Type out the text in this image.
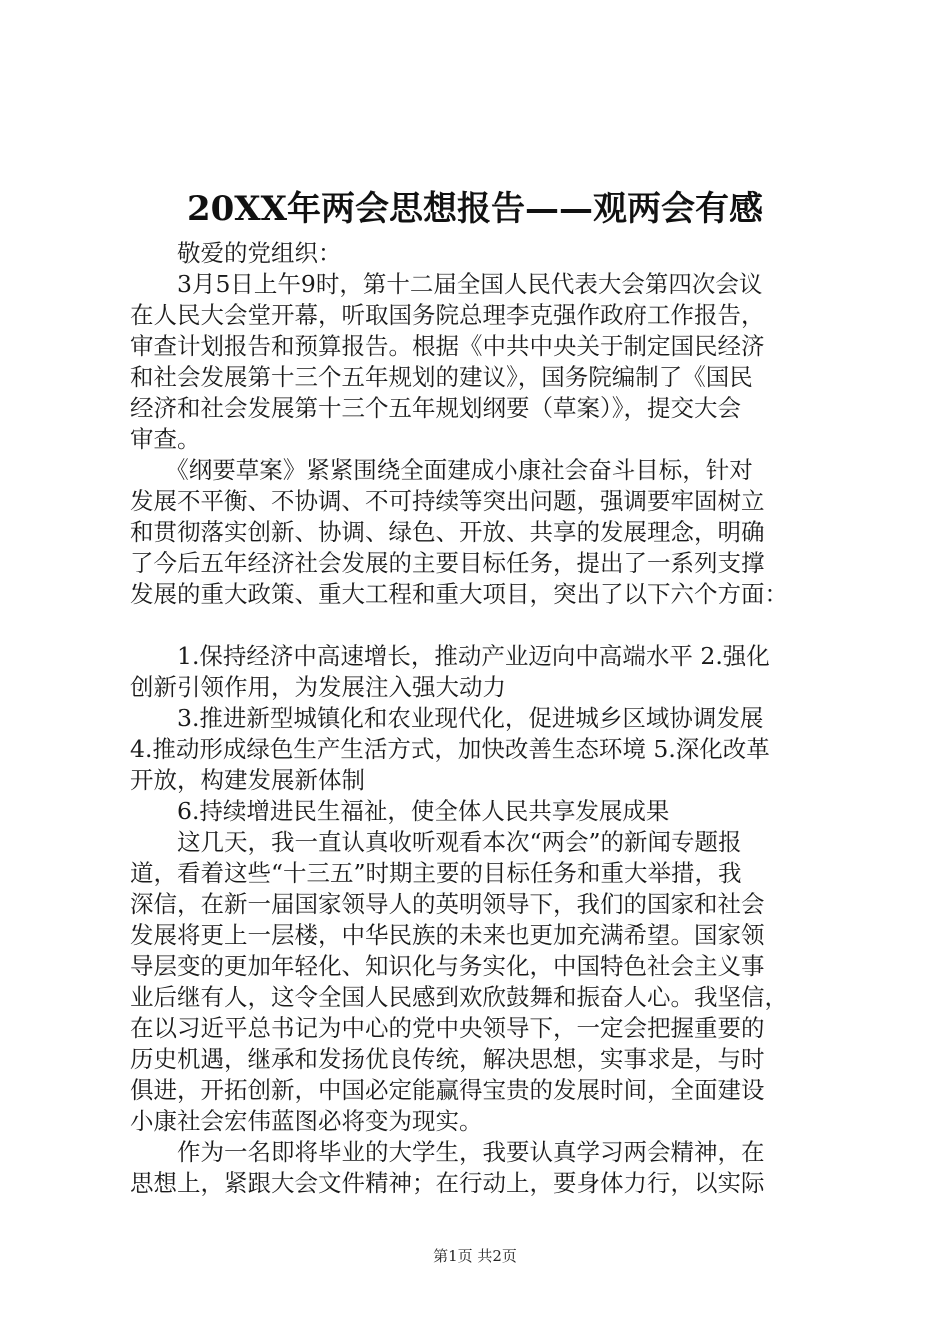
20XX年两会思想报告——观两会有感
　　敬爱的党组织：
　　3月5日上午9时，第十二届全国人民代表大会第四次会议
在人民大会堂开幕，听取国务院总理李克强作政府工作报告，
审查计划报告和预算报告。根据《中共中央关于制定国民经济
和社会发展第十三个五年规划的建议》，国务院编制了《国民
经济和社会发展第十三个五年规划纲要（草案）》，提交大会
审查。
　　《纲要草案》紧紧围绕全面建成小康社会奋斗目标，针对
发展不平衡、不协调、不可持续等突出问题，强调要牢固树立
和贯彻落实创新、协调、绿色、开放、共享的发展理念，明确
了今后五年经济社会发展的主要目标任务，提出了一系列支撑
发展的重大政策、重大工程和重大项目，突出了以下六个方面：
　　1.保持经济中高速增长，推动产业迈向中高端水平 2.强化
创新引领作用，为发展注入强大动力
　　3.推进新型城镇化和农业现代化，促进城乡区域协调发展
4.推动形成绿色生产生活方式，加快改善生态环境 5.深化改革
开放，构建发展新体制
　　6.持续增进民生福祉，使全体人民共享发展成果
　　这几天，我一直认真收听观看本次“两会”的新闻专题报
道，看着这些“十三五”时期主要的目标任务和重大举措，我
深信，在新一届国家领导人的英明领导下，我们的国家和社会
发展将更上一层楼，中华民族的未来也更加充满希望。国家领
导层变的更加年轻化、知识化与务实化，中国特色社会主义事
业后继有人，这令全国人民感到欢欣鼓舞和振奋人心。我坚信，
在以习近平总书记为中心的党中央领导下，一定会把握重要的
历史机遇，继承和发扬优良传统，解决思想，实事求是，与时
俱进，开拓创新，中国必定能赢得宝贵的发展时间，全面建设
小康社会宏伟蓝图必将变为现实。
　　作为一名即将毕业的大学生，我要认真学习两会精神，在
思想上，紧跟大会文件精神；在行动上，要身体力行，以实际
第1页 共2页
